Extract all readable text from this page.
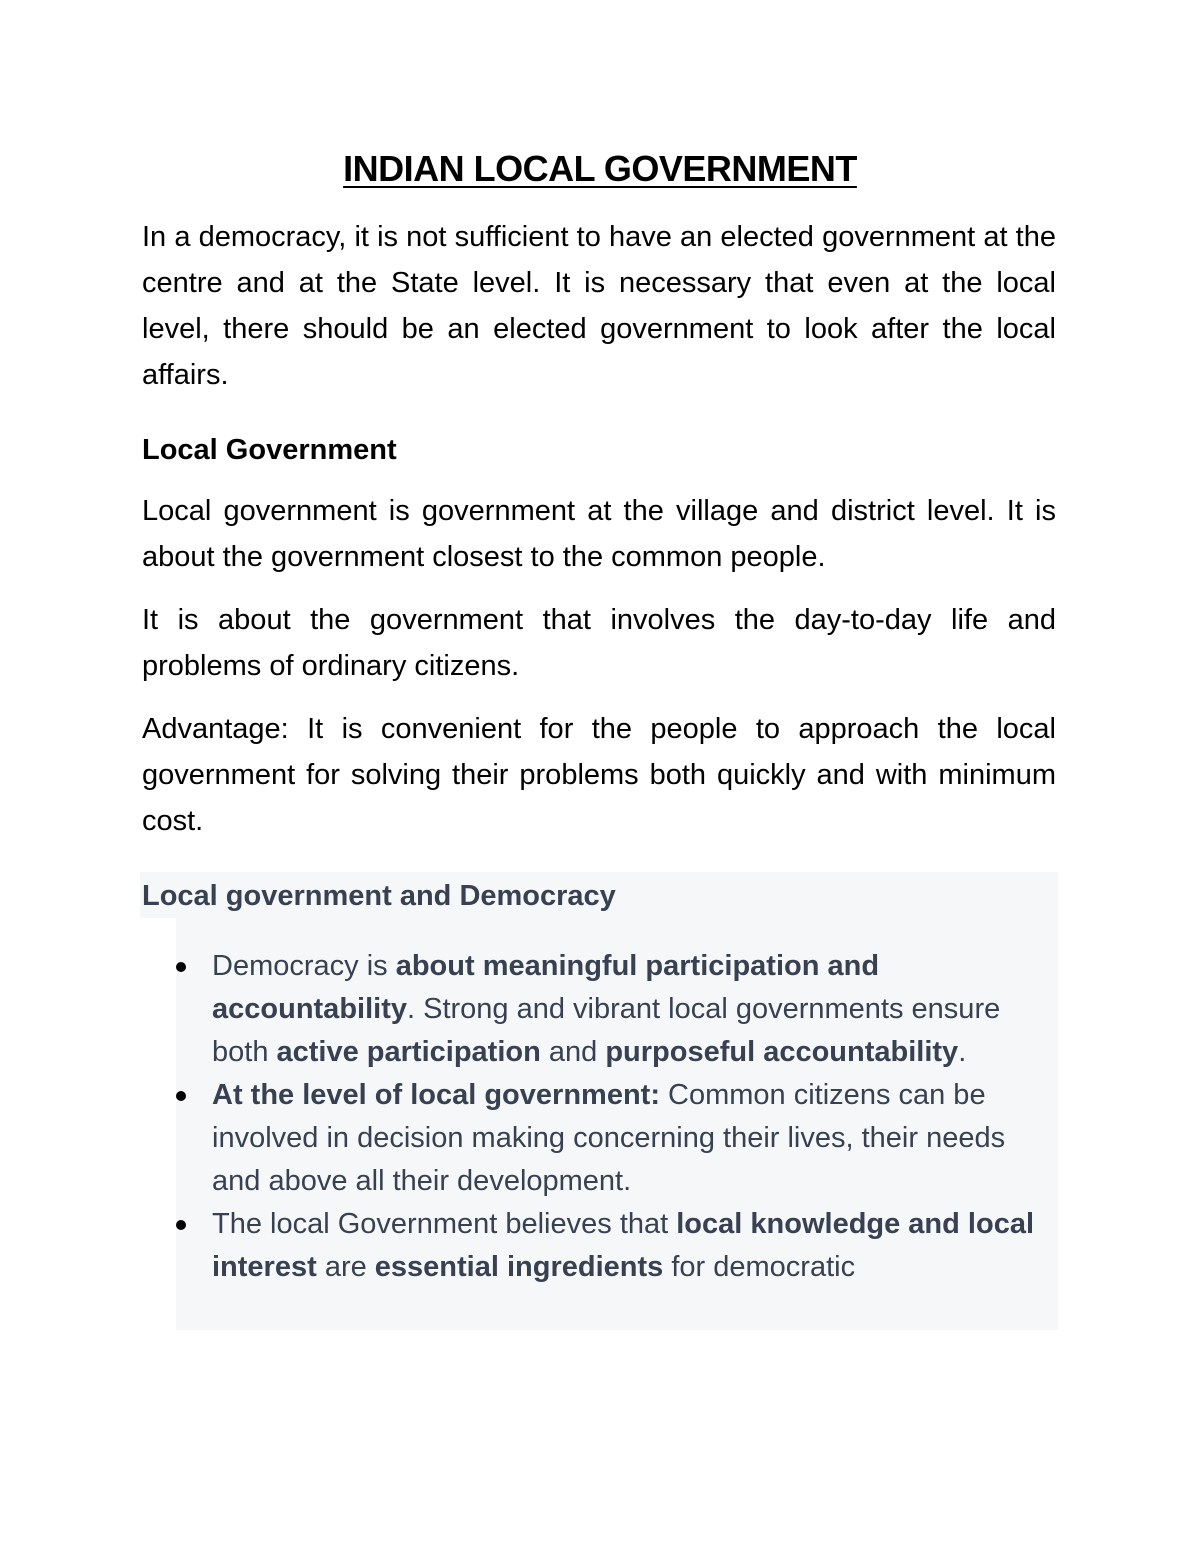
INDIAN LOCAL GOVERNMENT

In a democracy, it is not sufficient to have an elected government at the centre and at the State level. It is necessary that even at the local level, there should be an elected government to look after the local affairs.

Local Government

Local government is government at the village and district level. It is about the government closest to the common people.

It is about the government that involves the day-to-day life and problems of ordinary citizens.

Advantage: It is convenient for the people to approach the local government for solving their problems both quickly and with minimum cost.

Local government and Democracy
Democracy is about meaningful participation and accountability. Strong and vibrant local governments ensure both active participation and purposeful accountability.
At the level of local government: Common citizens can be involved in decision making concerning their lives, their needs and above all their development.
The local Government believes that local knowledge and local interest are essential ingredients for democratic
